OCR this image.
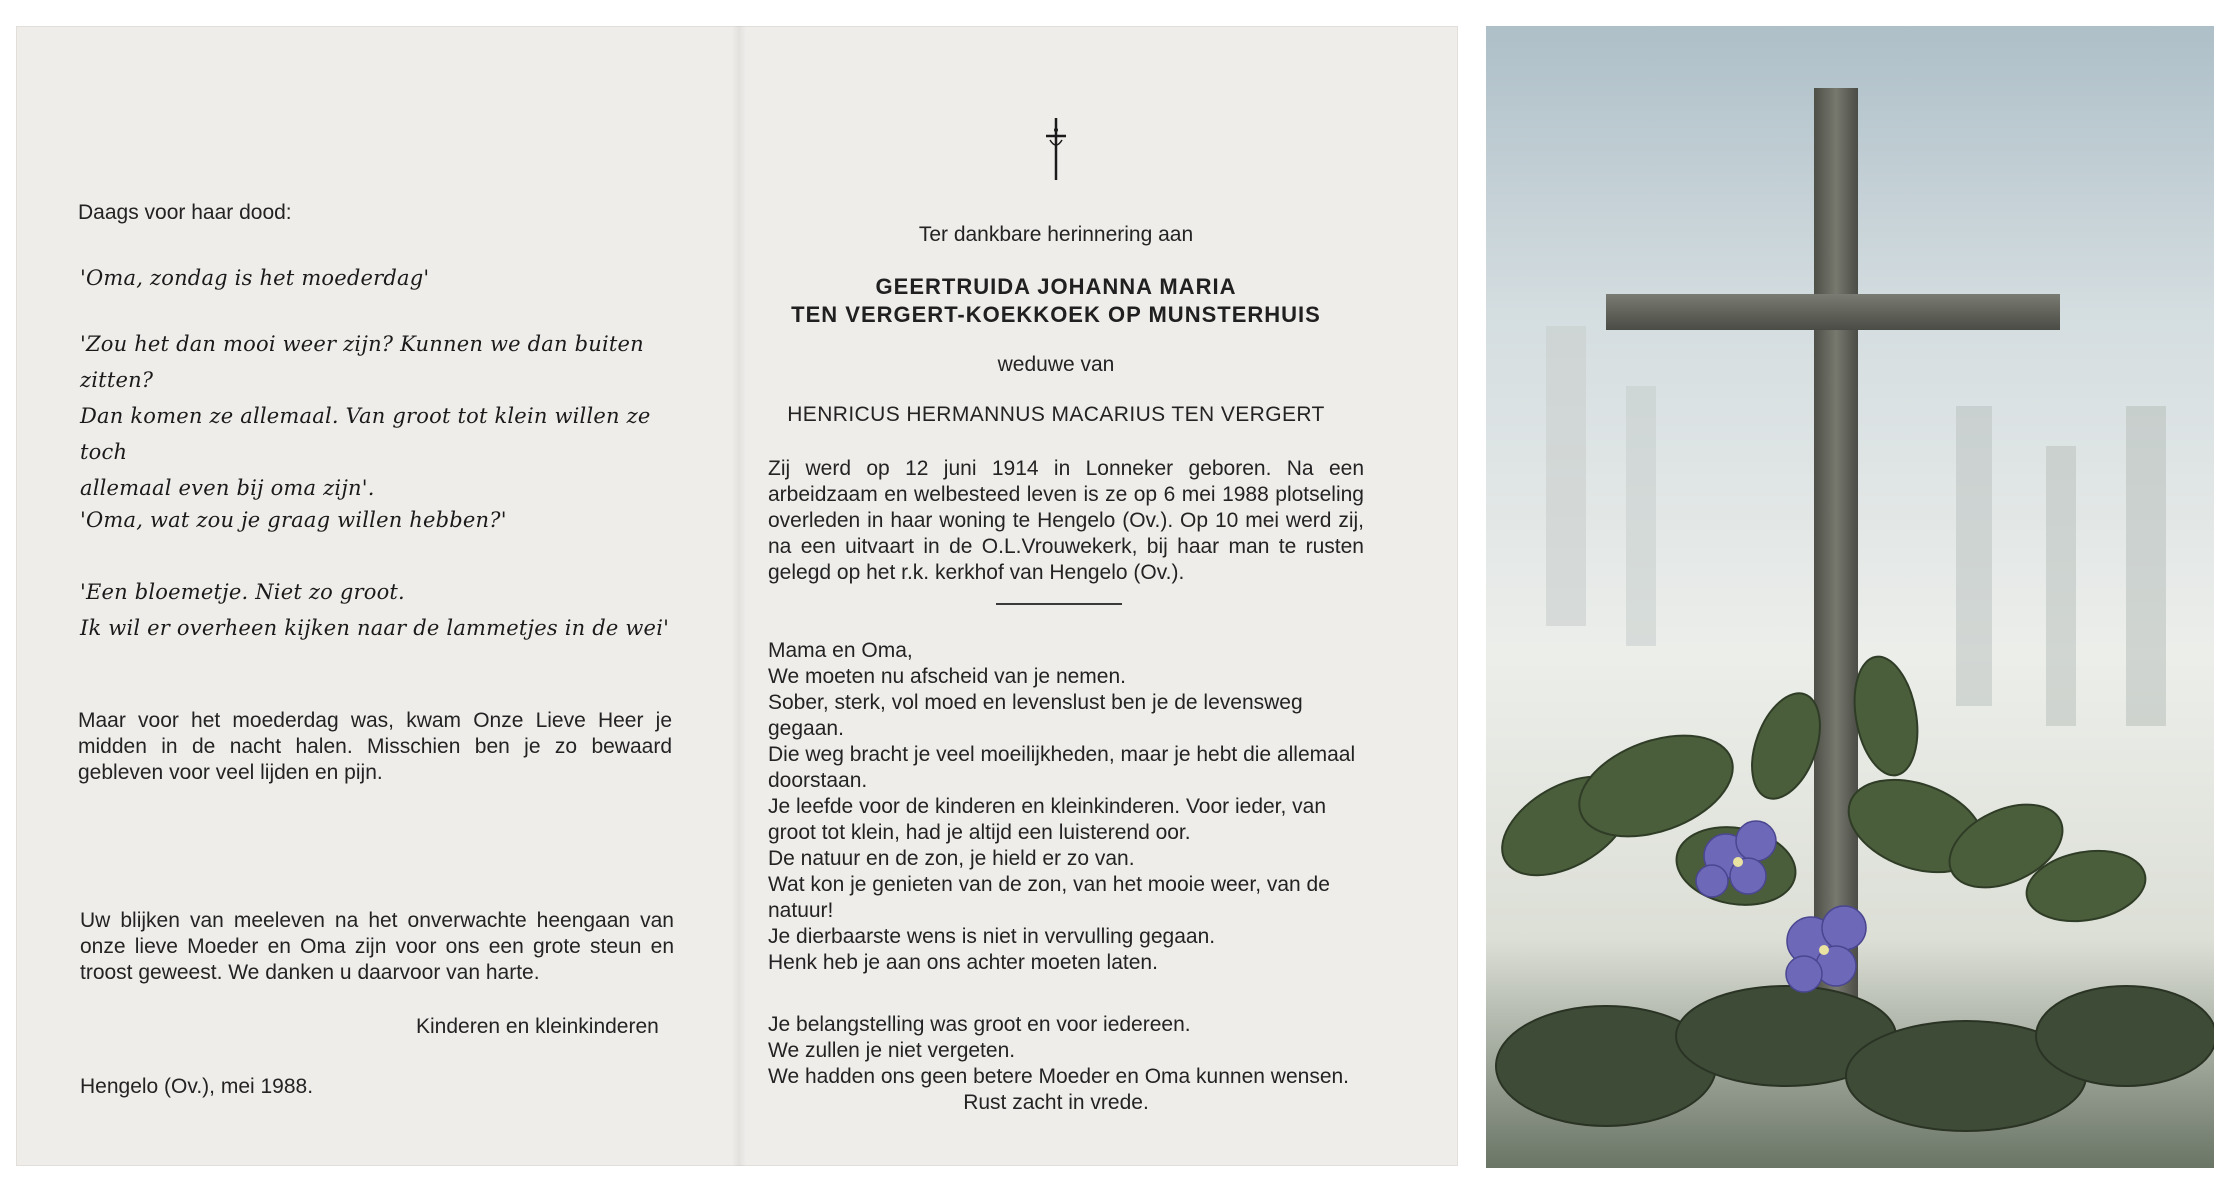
Daags voor haar dood:
'Oma, zondag is het moederdag'

'Zou het dan mooi weer zijn? Kunnen we dan buiten

zitten?

Dan komen ze allemaal. Van groot tot klein willen ze toch

allemaal even bij oma zijn'.

'Oma, wat zou je graag willen hebben?'

'Een bloemetje. Niet zo groot.

Ik wil er overheen kijken naar de lammetjes in de wei'

Maar voor het moederdag was, kwam Onze Lieve Heer je midden in de nacht halen. Misschien ben je zo bewaard gebleven voor veel lijden en pijn.
Uw blijken van meeleven na het onverwachte heengaan van onze lieve Moeder en Oma zijn voor ons een grote steun en troost geweest. We danken u daarvoor van harte.
Kinderen en kleinkinderen
Hengelo (Ov.), mei 1988.
Ter dankbare herinnering aan
GEERTRUIDA JOHANNA MARIA
TEN VERGERT-KOEKKOEK OP MUNSTERHUIS
weduwe van
HENRICUS HERMANNUS MACARIUS TEN VERGERT
Zij werd op 12 juni 1914 in Lonneker geboren. Na een arbeidzaam en welbesteed leven is ze op 6 mei 1988 plotseling overleden in haar woning te Hengelo (Ov.). Op 10 mei werd zij, na een uitvaart in de O.L.Vrouwekerk, bij haar man te rusten gelegd op het r.k. kerkhof van Hengelo (Ov.).

Mama en Oma,

We moeten nu afscheid van je nemen.

Sober, sterk, vol moed en levenslust ben je de levensweg

gegaan.

Die weg bracht je veel moeilijkheden, maar je hebt die allemaal

doorstaan.

Je leefde voor de kinderen en kleinkinderen. Voor ieder, van

groot tot klein, had je altijd een luisterend oor.

De natuur en de zon, je hield er zo van.

Wat kon je genieten van de zon, van het mooie weer, van de

natuur!

Je dierbaarste wens is niet in vervulling gegaan.

Henk heb je aan ons achter moeten laten.

Je belangstelling was groot en voor iedereen.

We zullen je niet vergeten.

We hadden ons geen betere Moeder en Oma kunnen wensen.

Rust zacht in vrede.
